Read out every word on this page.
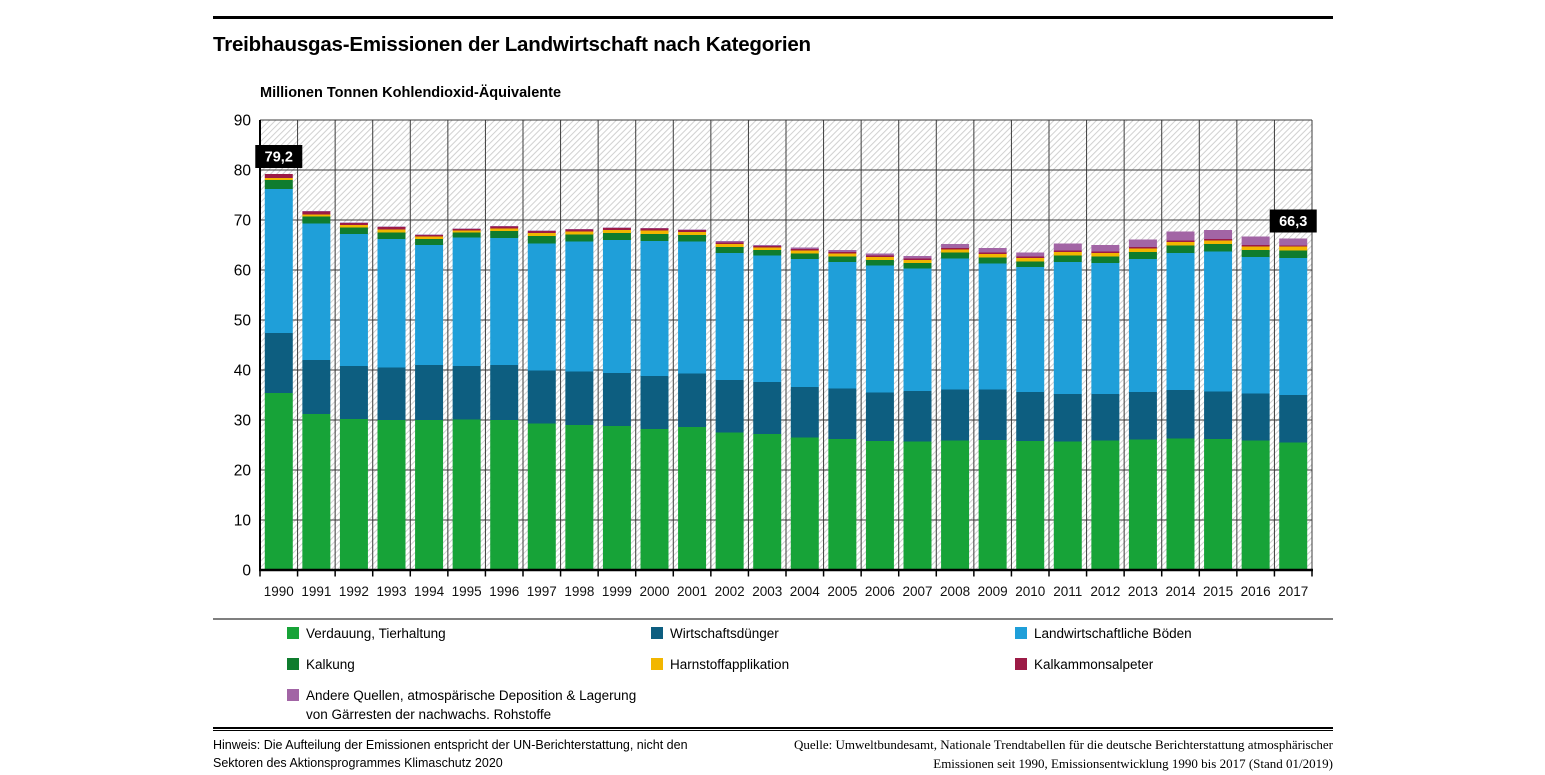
Treibhausgas-Emissionen der Landwirtschaft nach Kategorien
Millionen Tonnen Kohlendioxid-Äquivalente
0
10
20
30
40
50
60
70
80
90
1990 1991 1992 1993 1994 1995 1996 1997 1998 1999 2000 2001 2002 2003 2004 2005 2006 2007 2008 2009 2010 2011 2012 2013 2014 2015 2016 2017
79,2
66,3
Verdauung, Tierhaltung	Wirtschaftsdünger	Landwirtschaftliche Böden
Kalkung	Harnstoffapplikation	Kalkammonsalpeter
Andere Quellen, atmospärische Deposition & Lagerung
von Gärresten der nachwachs. Rohstoffe
Hinweis: Die Aufteilung der Emissionen entspricht der UN-Berichterstattung, nicht den
Sektoren des Aktionsprogrammes Klimaschutz 2020
Quelle: Umweltbundesamt, Nationale Trendtabellen für die deutsche Berichterstattung atmosphärischer
Emissionen seit 1990, Emissionsentwicklung 1990 bis 2017 (Stand 01/2019)
